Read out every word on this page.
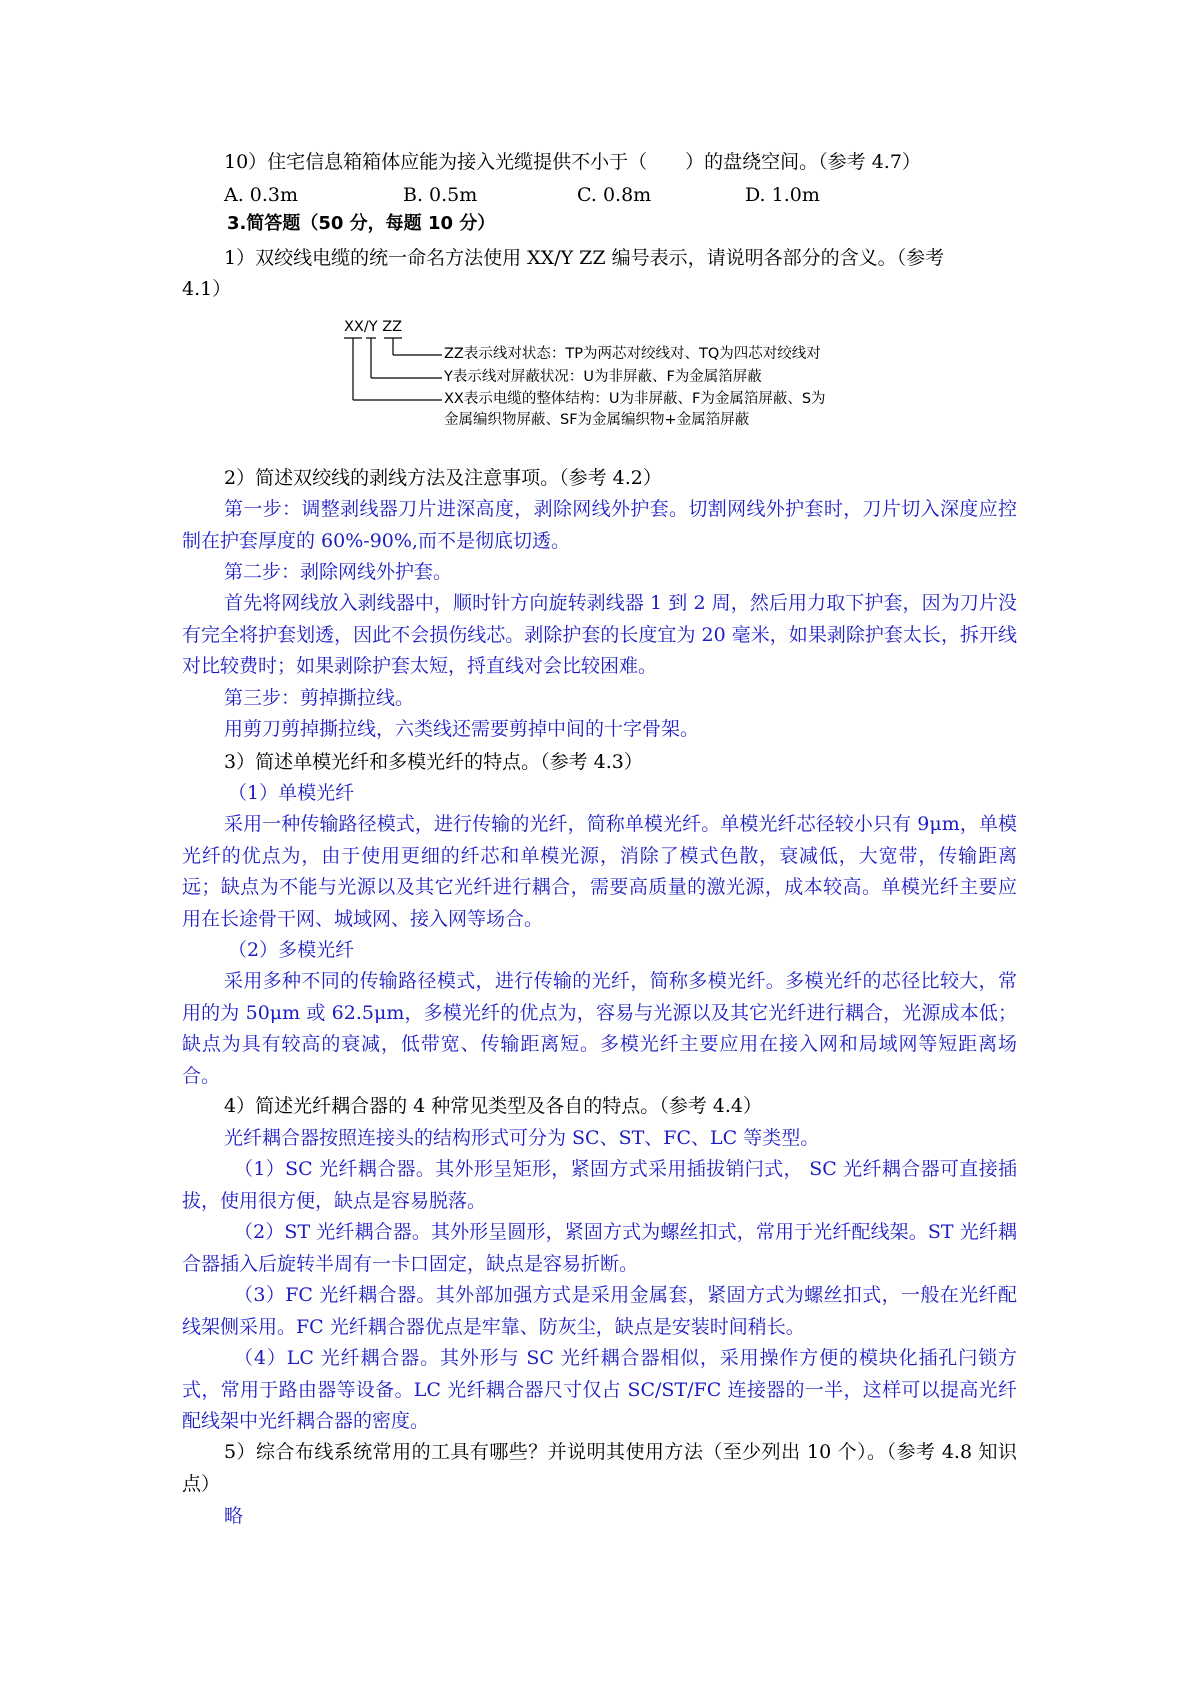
10）住宅信息箱箱体应能为接入光缆提供不小于（　　）的盘绕空间。（参考 4.7）
A. 0.3m	B. 0.5m	C. 0.8m	D. 1.0m
3.简答题（50 分，每题 10 分）
1）双绞线电缆的统一命名方法使用 XX/Y ZZ 编号表示，请说明各部分的含义。（参考
4.1）
XX/Y ZZ
ZZ表示线对状态：TP为两芯对绞线对、TQ为四芯对绞线对
Y表示线对屏蔽状况：U为非屏蔽、F为金属箔屏蔽
XX表示电缆的整体结构：U为非屏蔽、F为金属箔屏蔽、S为
金属编织物屏蔽、SF为金属编织物+金属箔屏蔽
2）简述双绞线的剥线方法及注意事项。（参考 4.2）
第一步：调整剥线器刀片进深高度，剥除网线外护套。切割网线外护套时，刀片切入深度应控制在护套厚度的 60%-90%,而不是彻底切透。
第二步：剥除网线外护套。
首先将网线放入剥线器中，顺时针方向旋转剥线器 1 到 2 周，然后用力取下护套，因为刀片没有完全将护套划透，因此不会损伤线芯。剥除护套的长度宜为 20 毫米，如果剥除护套太长，拆开线对比较费时；如果剥除护套太短，捋直线对会比较困难。
第三步：剪掉撕拉线。
用剪刀剪掉撕拉线，六类线还需要剪掉中间的十字骨架。
3）简述单模光纤和多模光纤的特点。（参考 4.3）
（1）单模光纤
采用一种传输路径模式，进行传输的光纤，简称单模光纤。单模光纤芯径较小只有 9μm，单模光纤的优点为，由于使用更细的纤芯和单模光源，消除了模式色散，衰减低，大宽带，传输距离远；缺点为不能与光源以及其它光纤进行耦合，需要高质量的激光源，成本较高。单模光纤主要应用在长途骨干网、城域网、接入网等场合。
（2）多模光纤
采用多种不同的传输路径模式，进行传输的光纤，简称多模光纤。多模光纤的芯径比较大，常用的为 50μm 或 62.5μm，多模光纤的优点为，容易与光源以及其它光纤进行耦合，光源成本低；缺点为具有较高的衰减，低带宽、传输距离短。多模光纤主要应用在接入网和局域网等短距离场合。
4）简述光纤耦合器的 4 种常见类型及各自的特点。（参考 4.4）
光纤耦合器按照连接头的结构形式可分为 SC、ST、FC、LC 等类型。
（1）SC 光纤耦合器。其外形呈矩形，紧固方式采用插拔销闩式， SC 光纤耦合器可直接插拔，使用很方便，缺点是容易脱落。
（2）ST 光纤耦合器。其外形呈圆形，紧固方式为螺丝扣式，常用于光纤配线架。ST 光纤耦合器插入后旋转半周有一卡口固定，缺点是容易折断。
（3）FC 光纤耦合器。其外部加强方式是采用金属套，紧固方式为螺丝扣式，一般在光纤配线架侧采用。FC 光纤耦合器优点是牢靠、防灰尘，缺点是安装时间稍长。
（4）LC 光纤耦合器。其外形与 SC 光纤耦合器相似，采用操作方便的模块化插孔闩锁方式，常用于路由器等设备。LC 光纤耦合器尺寸仅占 SC/ST/FC 连接器的一半，这样可以提高光纤配线架中光纤耦合器的密度。
5）综合布线系统常用的工具有哪些？并说明其使用方法（至少列出 10 个）。（参考 4.8 知识点）
略
